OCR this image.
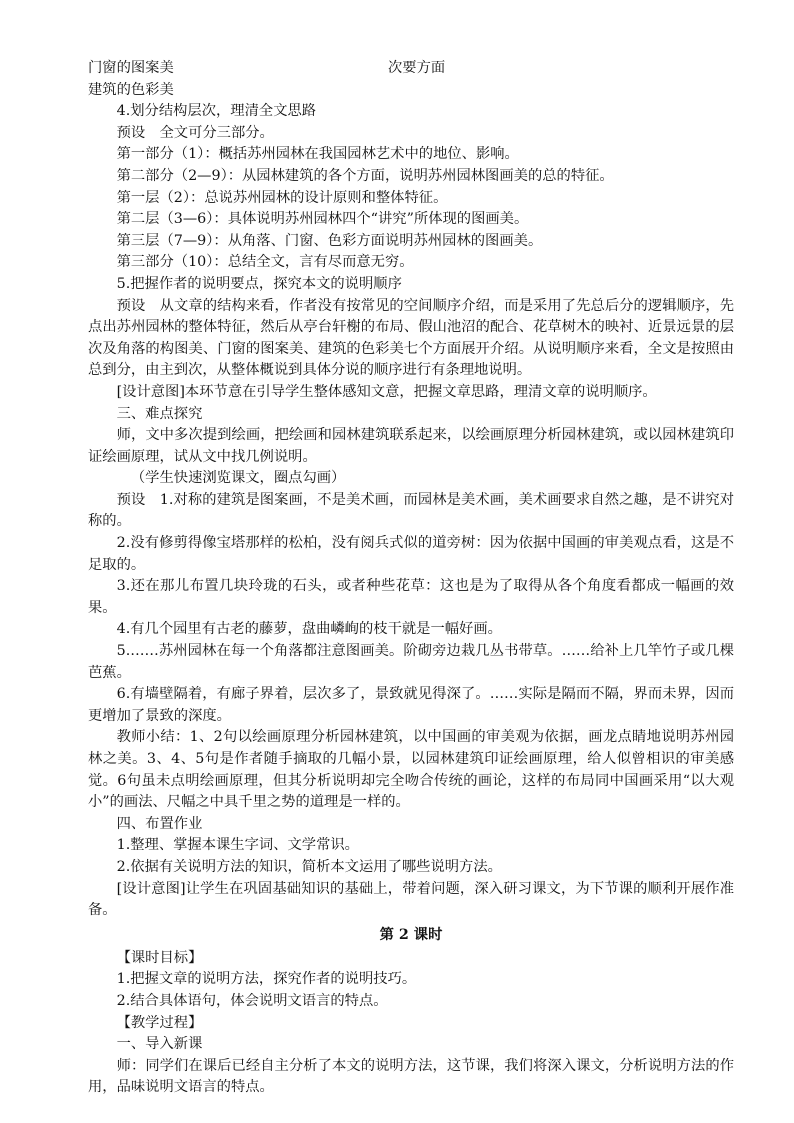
门窗的图案美	次要方面

建筑的色彩美

4.划分结构层次，理清全文思路

预设　全文可分三部分。

第一部分（1）：概括苏州园林在我国园林艺术中的地位、影响。

第二部分（2—9）：从园林建筑的各个方面，说明苏州园林图画美的总的特征。

第一层（2）：总说苏州园林的设计原则和整体特征。

第二层（3—6）：具体说明苏州园林四个“讲究”所体现的图画美。

第三层（7—9）：从角落、门窗、色彩方面说明苏州园林的图画美。

第三部分（10）：总结全文，言有尽而意无穷。

5.把握作者的说明要点，探究本文的说明顺序

预设　从文章的结构来看，作者没有按常见的空间顺序介绍，而是采用了先总后分的逻辑顺序，先点出苏州园林的整体特征，然后从亭台轩榭的布局、假山池沼的配合、花草树木的映衬、近景远景的层次及角落的构图美、门窗的图案美、建筑的色彩美七个方面展开介绍。从说明顺序来看，全文是按照由总到分，由主到次，从整体概说到具体分说的顺序进行有条理地说明。

[设计意图]本环节意在引导学生整体感知文意，把握文章思路，理清文章的说明顺序。

三、难点探究

师，文中多次提到绘画，把绘画和园林建筑联系起来，以绘画原理分析园林建筑，或以园林建筑印证绘画原理，试从文中找几例说明。

（学生快速浏览课文，圈点勾画）

预设　1.对称的建筑是图案画，不是美术画，而园林是美术画，美术画要求自然之趣，是不讲究对称的。

2.没有修剪得像宝塔那样的松柏，没有阅兵式似的道旁树：因为依据中国画的审美观点看，这是不足取的。

3.还在那儿布置几块玲珑的石头，或者种些花草：这也是为了取得从各个角度看都成一幅画的效果。

4.有几个园里有古老的藤萝，盘曲嶙峋的枝干就是一幅好画。

5.……苏州园林在每一个角落都注意图画美。阶砌旁边栽几丛书带草。……给补上几竿竹子或几棵芭蕉。

6.有墙壁隔着，有廊子界着，层次多了，景致就见得深了。……实际是隔而不隔，界而未界，因而更增加了景致的深度。

教师小结：1、2句以绘画原理分析园林建筑，以中国画的审美观为依据，画龙点睛地说明苏州园林之美。3、4、5句是作者随手摘取的几幅小景，以园林建筑印证绘画原理，给人似曾相识的审美感觉。6句虽未点明绘画原理，但其分析说明却完全吻合传统的画论，这样的布局同中国画采用“以大观小”的画法、尺幅之中具千里之势的道理是一样的。

四、布置作业

1.整理、掌握本课生字词、文学常识。

2.依据有关说明方法的知识，简析本文运用了哪些说明方法。

[设计意图]让学生在巩固基础知识的基础上，带着问题，深入研习课文，为下节课的顺利开展作准备。

第 2 课时

【课时目标】

1.把握文章的说明方法，探究作者的说明技巧。

2.结合具体语句，体会说明文语言的特点。

【教学过程】

一、导入新课

师：同学们在课后已经自主分析了本文的说明方法，这节课，我们将深入课文，分析说明方法的作用，品味说明文语言的特点。
